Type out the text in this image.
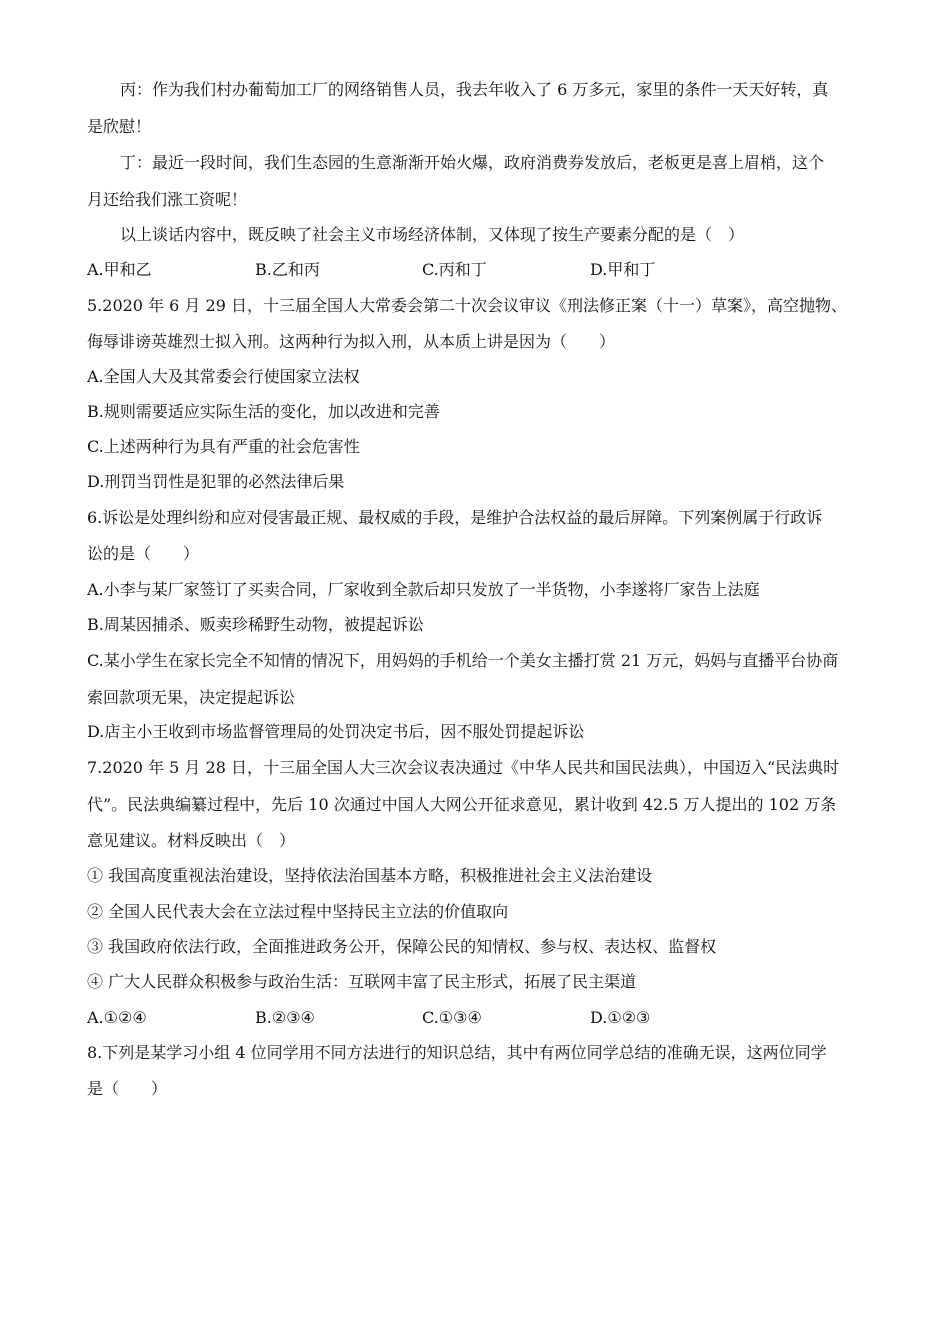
丙：作为我们村办葡萄加工厂的网络销售人员，我去年收入了 6 万多元，家里的条件一天天好转，真
是欣慰！
丁：最近一段时间，我们生态园的生意渐渐开始火爆，政府消费券发放后，老板更是喜上眉梢，这个
月还给我们涨工资呢！
以上谈话内容中，既反映了社会主义市场经济体制，又体现了按生产要素分配的是（　）
A.甲和乙	B.乙和丙	C.丙和丁	D.甲和丁
5.2020 年 6 月 29 日，十三届全国人大常委会第二十次会议审议《刑法修正案（十一）草案》，高空抛物、
侮辱诽谤英雄烈士拟入刑。这两种行为拟入刑，从本质上讲是因为（　　）
A.全国人大及其常委会行使国家立法权
B.规则需要适应实际生活的变化，加以改进和完善
C.上述两种行为具有严重的社会危害性
D.刑罚当罚性是犯罪的必然法律后果
6.诉讼是处理纠纷和应对侵害最正规、最权威的手段，是维护合法权益的最后屏障。下列案例属于行政诉
讼的是（　　）
A.小李与某厂家签订了买卖合同，厂家收到全款后却只发放了一半货物，小李遂将厂家告上法庭
B.周某因捕杀、贩卖珍稀野生动物，被提起诉讼
C.某小学生在家长完全不知情的情况下，用妈妈的手机给一个美女主播打赏 21 万元，妈妈与直播平台协商
索回款项无果，决定提起诉讼
D.店主小王收到市场监督管理局的处罚决定书后，因不服处罚提起诉讼
7.2020 年 5 月 28 日，十三届全国人大三次会议表决通过《中华人民共和国民法典），中国迈入“民法典时
代”。民法典编纂过程中，先后 10 次通过中国人大网公开征求意见，累计收到 42.5 万人提出的 102 万条
意见建议。材料反映出（　）
① 我国高度重视法治建设，坚持依法治国基本方略，积极推进社会主义法治建设
② 全国人民代表大会在立法过程中坚持民主立法的价值取向
③ 我国政府依法行政，全面推进政务公开，保障公民的知情权、参与权、表达权、监督权
④ 广大人民群众积极参与政治生活：互联网丰富了民主形式，拓展了民主渠道
A.①②④	B.②③④	C.①③④	D.①②③
8.下列是某学习小组 4 位同学用不同方法进行的知识总结，其中有两位同学总结的准确无误，这两位同学
是（　　）
